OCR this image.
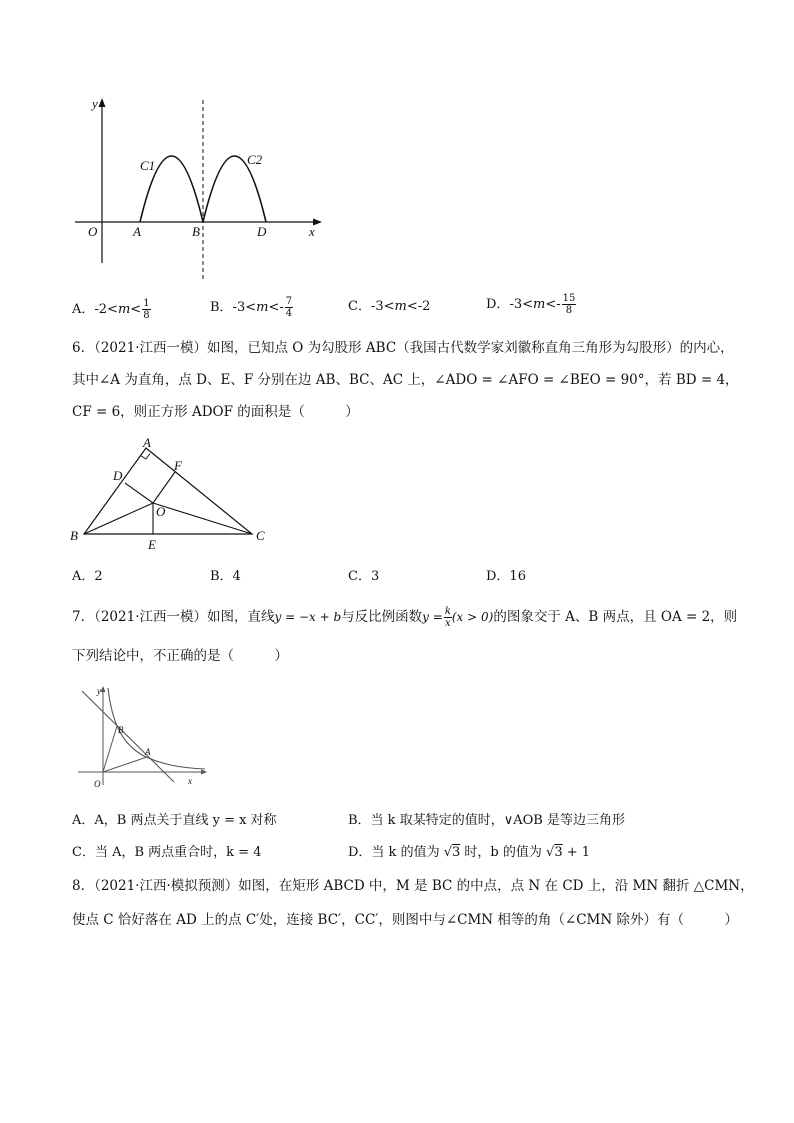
y
x
O	A	B	D
C1	C2
A．$-2<m< \frac{1}{8}$	B．$-3<m<- \frac{7}{4}$	C．-3<m<-2	D．$-3<m<- \frac{15}{8}$
6．（2021·江西一模）如图，已知点 O 为勾股形 ABC（我国古代数学家刘徽称直角三角形为勾股形）的内心，
其中∠A 为直角，点 D、E、F 分别在边 AB、BC、AC 上，∠ADO = ∠AFO = ∠BEO = 90°，若 BD = 4，
CF = 6，则正方形 ADOF 的面积是（　　　）
A
B	C
D
E
F
O
A．2	B．4	C．3	D．16
7．（2021·江西一模）如图，直线y = −x + b与反比例函数$y = \frac{k}{x} (x > 0)$的图象交于 A、B 两点，且 OA = 2，则
下列结论中，不正确的是（　　　）
y
x
O
A
B
A．A，B 两点关于直线 y = x 对称	B．当 k 取某特定的值时，∨AOB 是等边三角形
C．当 A，B 两点重合时，k = 4	D．当 k 的值为 √3 时，b 的值为 √3 + 1
8．（2021·江西·模拟预测）如图，在矩形 ABCD 中，M 是 BC 的中点，点 N 在 CD 上，沿 MN 翻折 △CMN，
使点 C 恰好落在 AD 上的点 C′处，连接 BC′，CC′，则图中与∠CMN 相等的角（∠CMN 除外）有（　　　）
